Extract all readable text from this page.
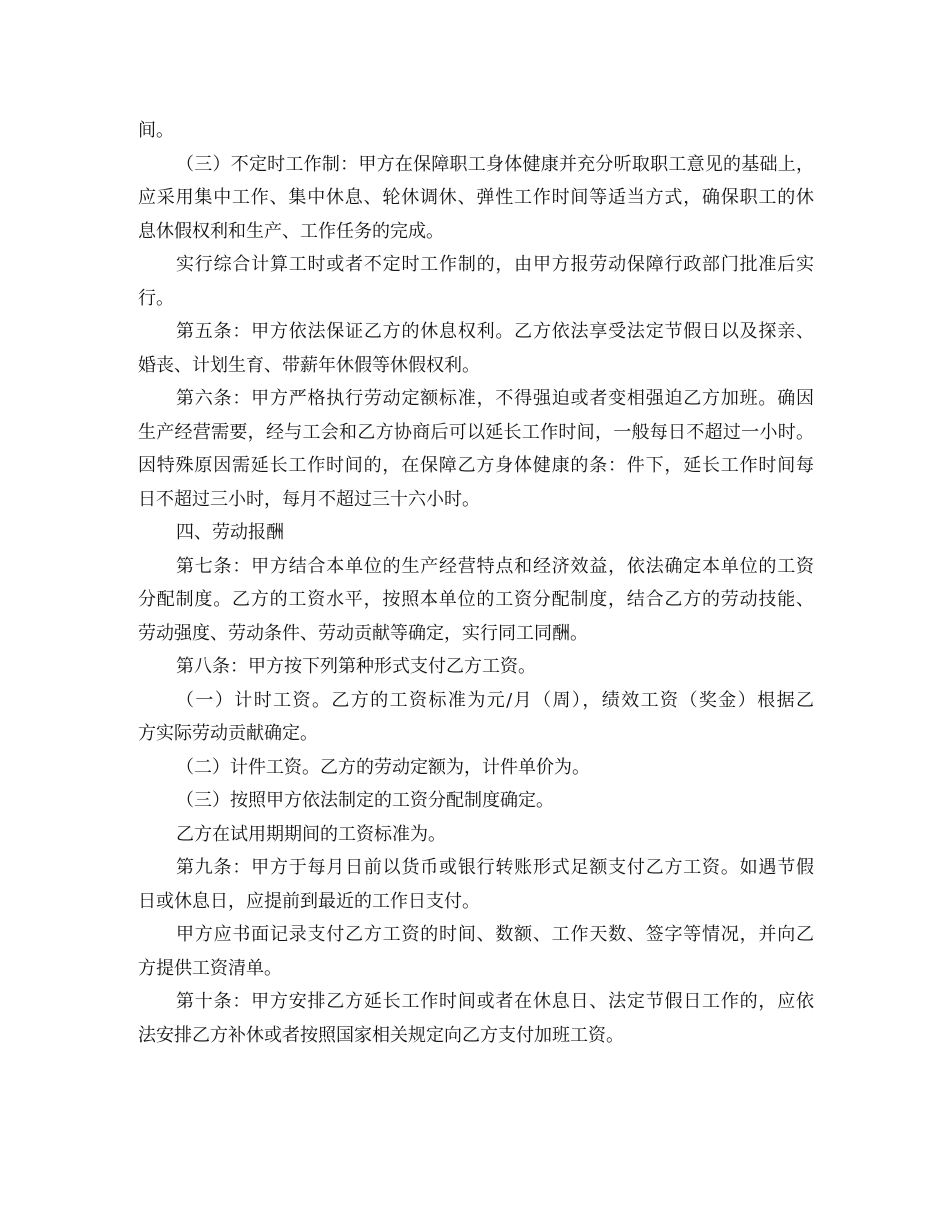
间。
（三）不定时工作制：甲方在保障职工身体健康并充分听取职工意见的基础上，
应采用集中工作、集中休息、轮休调休、弹性工作时间等适当方式，确保职工的休
息休假权利和生产、工作任务的完成。
实行综合计算工时或者不定时工作制的，由甲方报劳动保障行政部门批准后实
行。
第五条：甲方依法保证乙方的休息权利。乙方依法享受法定节假日以及探亲、
婚丧、计划生育、带薪年休假等休假权利。
第六条：甲方严格执行劳动定额标准，不得强迫或者变相强迫乙方加班。确因
生产经营需要，经与工会和乙方协商后可以延长工作时间，一般每日不超过一小时。
因特殊原因需延长工作时间的，在保障乙方身体健康的条：件下，延长工作时间每
日不超过三小时，每月不超过三十六小时。
四、劳动报酬
第七条：甲方结合本单位的生产经营特点和经济效益，依法确定本单位的工资
分配制度。乙方的工资水平，按照本单位的工资分配制度，结合乙方的劳动技能、
劳动强度、劳动条件、劳动贡献等确定，实行同工同酬。
第八条：甲方按下列第种形式支付乙方工资。
（一）计时工资。乙方的工资标准为元/月（周），绩效工资（奖金）根据乙
方实际劳动贡献确定。
（二）计件工资。乙方的劳动定额为，计件单价为。
（三）按照甲方依法制定的工资分配制度确定。
乙方在试用期期间的工资标准为。
第九条：甲方于每月日前以货币或银行转账形式足额支付乙方工资。如遇节假
日或休息日，应提前到最近的工作日支付。
甲方应书面记录支付乙方工资的时间、数额、工作天数、签字等情况，并向乙
方提供工资清单。
第十条：甲方安排乙方延长工作时间或者在休息日、法定节假日工作的，应依
法安排乙方补休或者按照国家相关规定向乙方支付加班工资。
